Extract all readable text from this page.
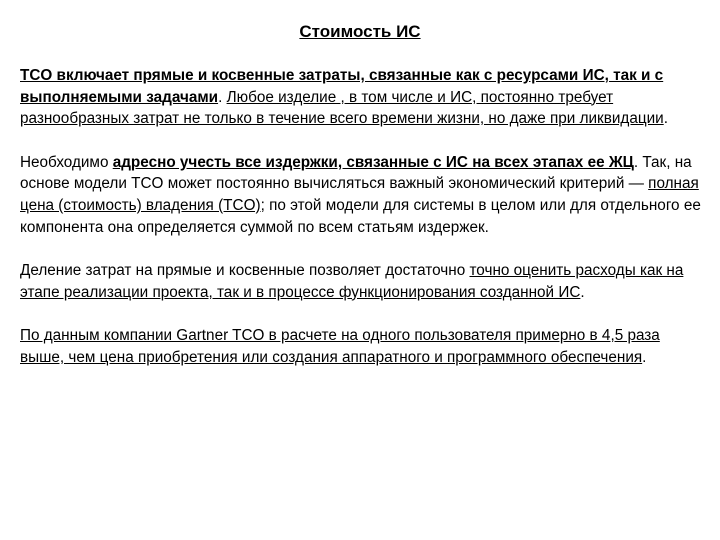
Стоимость ИС

TCO включает прямые и косвенные затраты, связанные как с ресурсами ИС, так и с выполняемыми задачами. Любое изделие , в том числе и ИС, постоянно требует разнообразных затрат не только в течение всего времени жизни, но даже при ликвидации.

Необходимо адресно учесть все издержки, связанные с ИС на всех этапах ее ЖЦ. Так, на основе модели TCO может постоянно вычисляться важный экономический критерий — полная цена (стоимость) владения (TCO); по этой модели для системы в целом или для отдельного ее компонента она определяется суммой по всем статьям издержек.

Деление затрат на прямые и косвенные позволяет достаточно точно оценить расходы как на этапе реализации проекта, так и в процессе функционирования созданной ИС.

По данным компании Gartner TCO в расчете на одного пользователя примерно в 4,5 раза выше, чем цена приобретения или создания аппаратного и программного обеспечения.
